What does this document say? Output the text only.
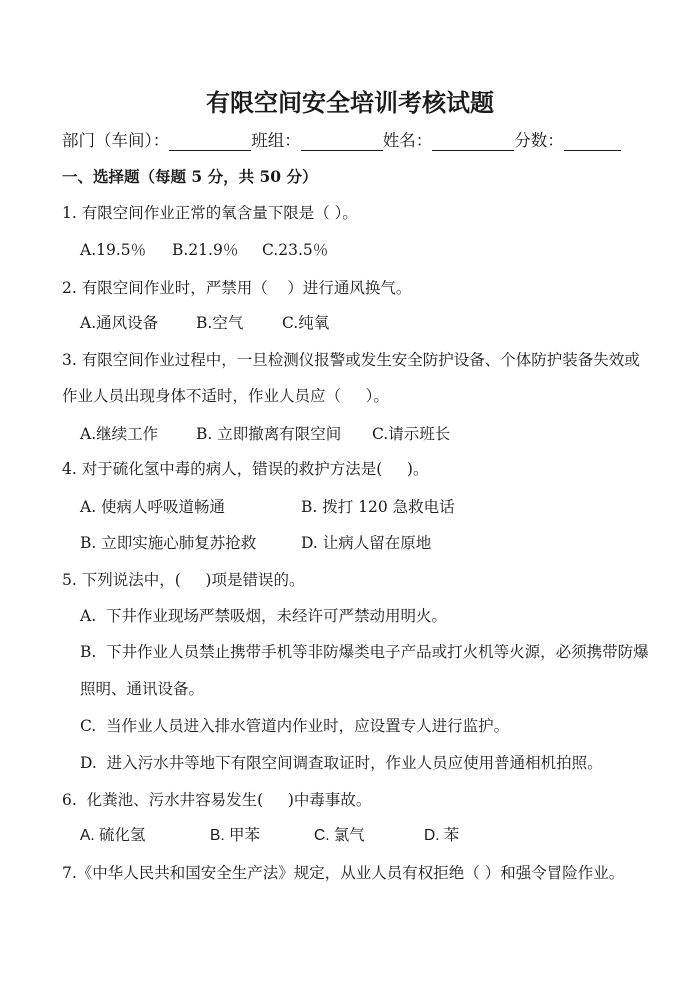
有限空间安全培训考核试题
部门（车间）：	班组：	姓名：	分数：
一、选择题（每题 5 分，共 50 分）
1. 有限空间作业正常的氧含量下限是（ ）。
A.19.5％ B.21.9％ C.23.5％
2. 有限空间作业时，严禁用（    ）进行通风换气。
A.通风设备 B.空气 C.纯氧
3. 有限空间作业过程中，一旦检测仪报警或发生安全防护设备、个体防护装备失效或
作业人员出现身体不适时，作业人员应（     ）。
A.继续工作 B. 立即撤离有限空间 C.请示班长
4. 对于硫化氢中毒的病人，错误的救护方法是(     )。
A. 使病人呼吸道畅通	B. 拨打 120 急救电话
B. 立即实施心肺复苏抢救	D. 让病人留在原地
5. 下列说法中，(     )项是错误的。
A.  下井作业现场严禁吸烟，未经许可严禁动用明火。
B.  下井作业人员禁止携带手机等非防爆类电子产品或打火机等火源，必须携带防爆
照明、通讯设备。
C.  当作业人员进入排水管道内作业时，应设置专人进行监护。
D.  进入污水井等地下有限空间调查取证时，作业人员应使用普通相机拍照。
6.  化粪池、污水井容易发生(     )中毒事故。
A. 硫化氢	B. 甲苯	C. 氯气	D. 苯
7.《中华人民共和国安全生产法》规定，从业人员有权拒绝（ ）和强令冒险作业。
